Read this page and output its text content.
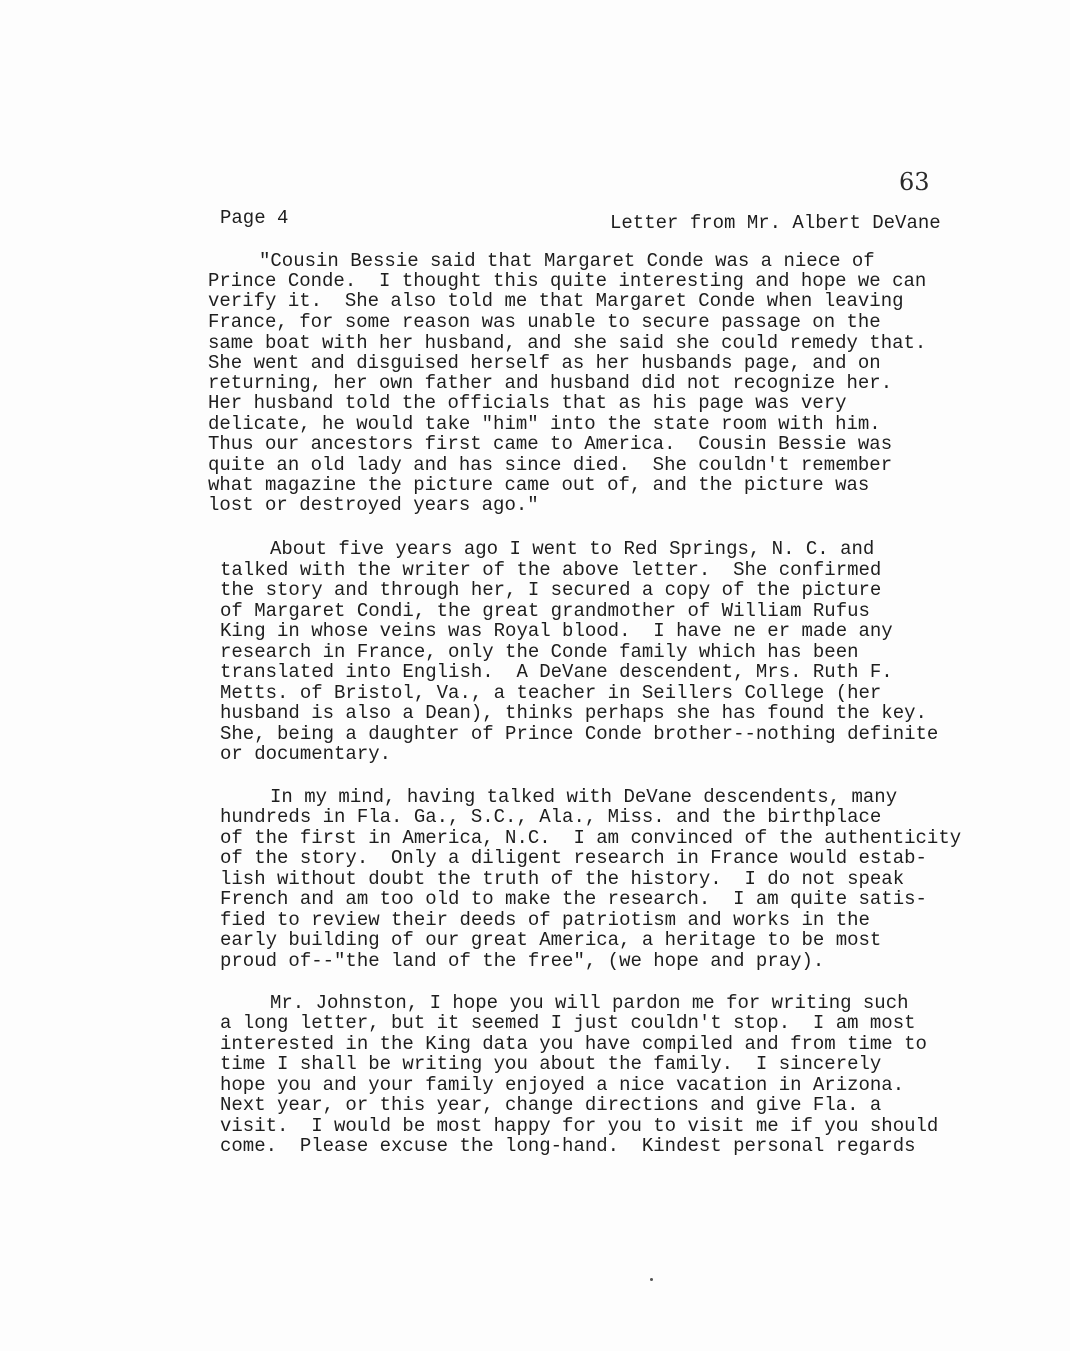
63
Page 4	Letter from Mr. Albert DeVane
"Cousin Bessie said that Margaret Conde was a niece of
Prince Conde.  I thought this quite interesting and hope we can
verify it.  She also told me that Margaret Conde when leaving
France, for some reason was unable to secure passage on the
same boat with her husband, and she said she could remedy that.
She went and disguised herself as her husbands page, and on
returning, her own father and husband did not recognize her.
Her husband told the officials that as his page was very
delicate, he would take "him" into the state room with him.
Thus our ancestors first came to America.  Cousin Bessie was
quite an old lady and has since died.  She couldn't remember
what magazine the picture came out of, and the picture was
lost or destroyed years ago."
About five years ago I went to Red Springs, N. C. and
talked with the writer of the above letter.  She confirmed
the story and through her, I secured a copy of the picture
of Margaret Condi, the great grandmother of William Rufus
King in whose veins was Royal blood.  I have ne er made any
research in France, only the Conde family which has been
translated into English.  A DeVane descendent, Mrs. Ruth F.
Metts. of Bristol, Va., a teacher in Seillers College (her
husband is also a Dean), thinks perhaps she has found the key.
She, being a daughter of Prince Conde brother--nothing definite
or documentary.
In my mind, having talked with DeVane descendents, many
hundreds in Fla. Ga., S.C., Ala., Miss. and the birthplace
of the first in America, N.C.  I am convinced of the authenticity
of the story.  Only a diligent research in France would estab-
lish without doubt the truth of the history.  I do not speak
French and am too old to make the research.  I am quite satis-
fied to review their deeds of patriotism and works in the
early building of our great America, a heritage to be most
proud of--"the land of the free", (we hope and pray).
Mr. Johnston, I hope you will pardon me for writing such
a long letter, but it seemed I just couldn't stop.  I am most
interested in the King data you have compiled and from time to
time I shall be writing you about the family.  I sincerely
hope you and your family enjoyed a nice vacation in Arizona.
Next year, or this year, change directions and give Fla. a
visit.  I would be most happy for you to visit me if you should
come.  Please excuse the long-hand.  Kindest personal regards
